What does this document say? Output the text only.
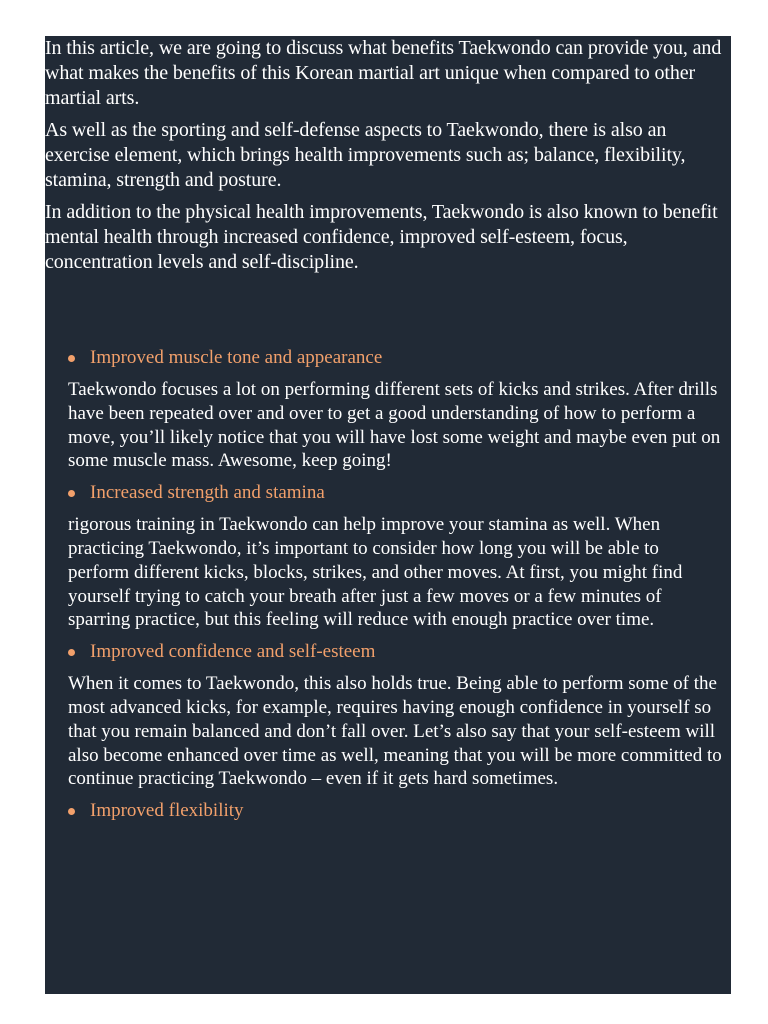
In this article, we are going to discuss what benefits Taekwondo can provide you, and what makes the benefits of this Korean martial art unique when compared to other martial arts.

As well as the sporting and self-defense aspects to Taekwondo, there is also an exercise element, which brings health improvements such as; balance, flexibility, stamina, strength and posture.

In addition to the physical health improvements, Taekwondo is also known to benefit mental health through increased confidence, improved self-esteem, focus, concentration levels and self-discipline.

Improved muscle tone and appearance

Taekwondo focuses a lot on performing different sets of kicks and strikes. After drills have been repeated over and over to get a good understanding of how to perform a move, you’ll likely notice that you will have lost some weight and maybe even put on some muscle mass. Awesome, keep going!

Increased strength and stamina

rigorous training in Taekwondo can help improve your stamina as well. When practicing Taekwondo, it’s important to consider how long you will be able to perform different kicks, blocks, strikes, and other moves. At first, you might find yourself trying to catch your breath after just a few moves or a few minutes of sparring practice, but this feeling will reduce with enough practice over time.

Improved confidence and self-esteem

When it comes to Taekwondo, this also holds true. Being able to perform some of the most advanced kicks, for example, requires having enough confidence in yourself so that you remain balanced and don’t fall over. Let’s also say that your self-esteem will also become enhanced over time as well, meaning that you will be more committed to continue practicing Taekwondo – even if it gets hard sometimes.

Improved flexibility
